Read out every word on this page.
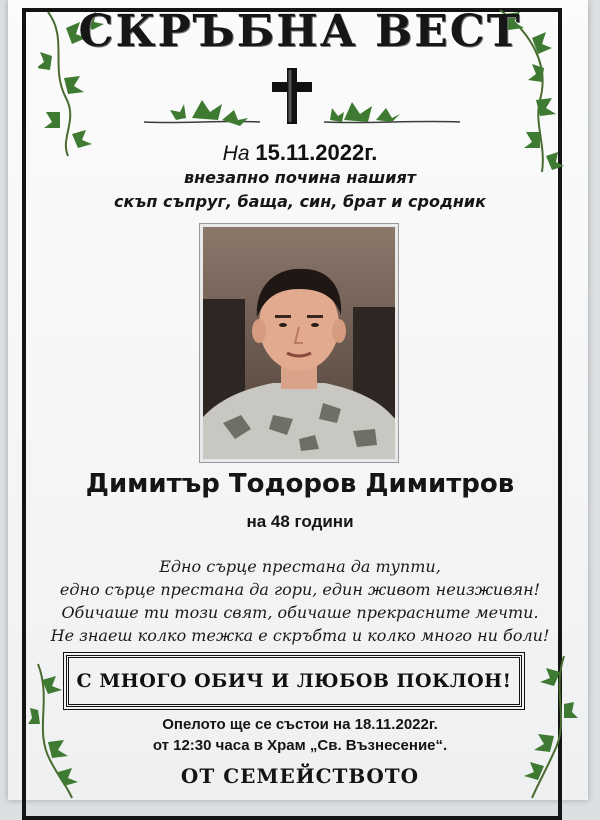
СКРЪБНА ВЕСТ
На 15.11.2022г.
внезапно почина нашият
скъп съпруг, баща, син, брат и сродник
Димитър Тодоров Димитров
на 48 години
Едно сърце престана да тупти,
едно сърце престана да гори, един живот неизживян!
Обичаше ти този свят, обичаше прекрасните мечти.
Не знаеш колко тежка е скръбта и колко много ни боли!
С МНОГО ОБИЧ И ЛЮБОВ ПОКЛОН!
Опелото ще се състои на 18.11.2022г.
от 12:30 часа в Храм „Св. Възнесение“.
ОТ СЕМЕЙСТВОТО
